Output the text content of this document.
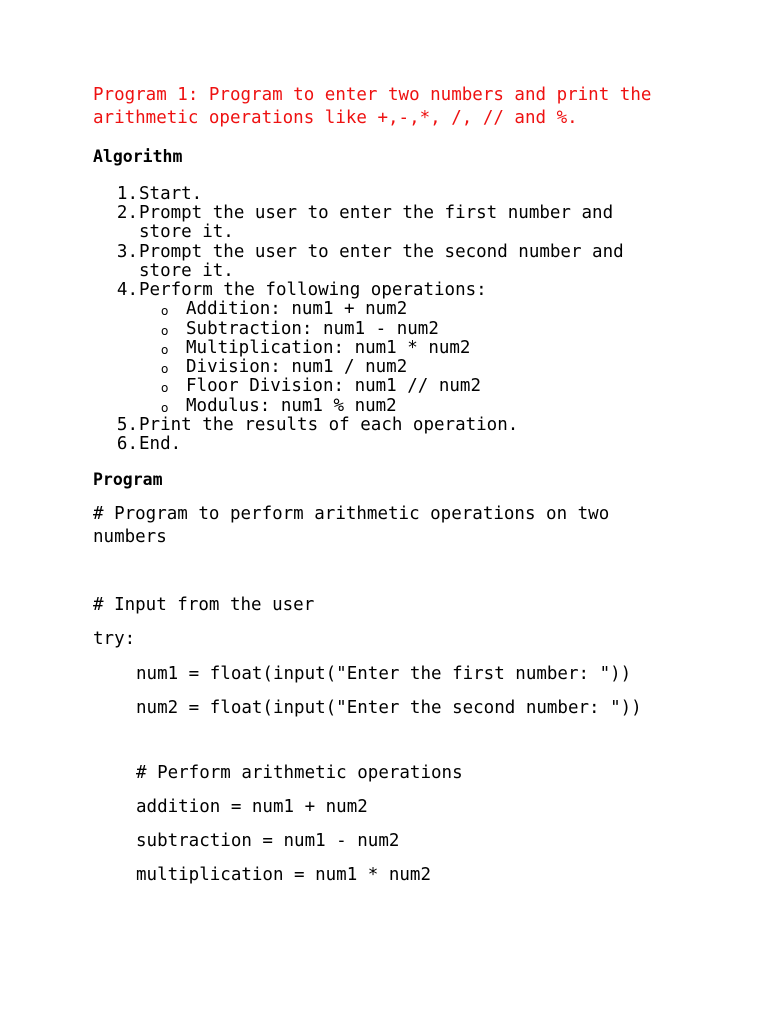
Program 1: Program to enter two numbers and print the
arithmetic operations like +,-,*, /, // and %.
Algorithm
1. Start.
2. Prompt the user to enter the first number and
store it.
3. Prompt the user to enter the second number and
store it.
4. Perform the following operations:
o Addition: num1 + num2
o Subtraction: num1 - num2
o Multiplication: num1 * num2
o Division: num1 / num2
o Floor Division: num1 // num2
o Modulus: num1 % num2
5. Print the results of each operation.
6. End.
Program
# Program to perform arithmetic operations on two
numbers
# Input from the user
try:
num1 = float(input("Enter the first number: "))
num2 = float(input("Enter the second number: "))
# Perform arithmetic operations
addition = num1 + num2
subtraction = num1 - num2
multiplication = num1 * num2
